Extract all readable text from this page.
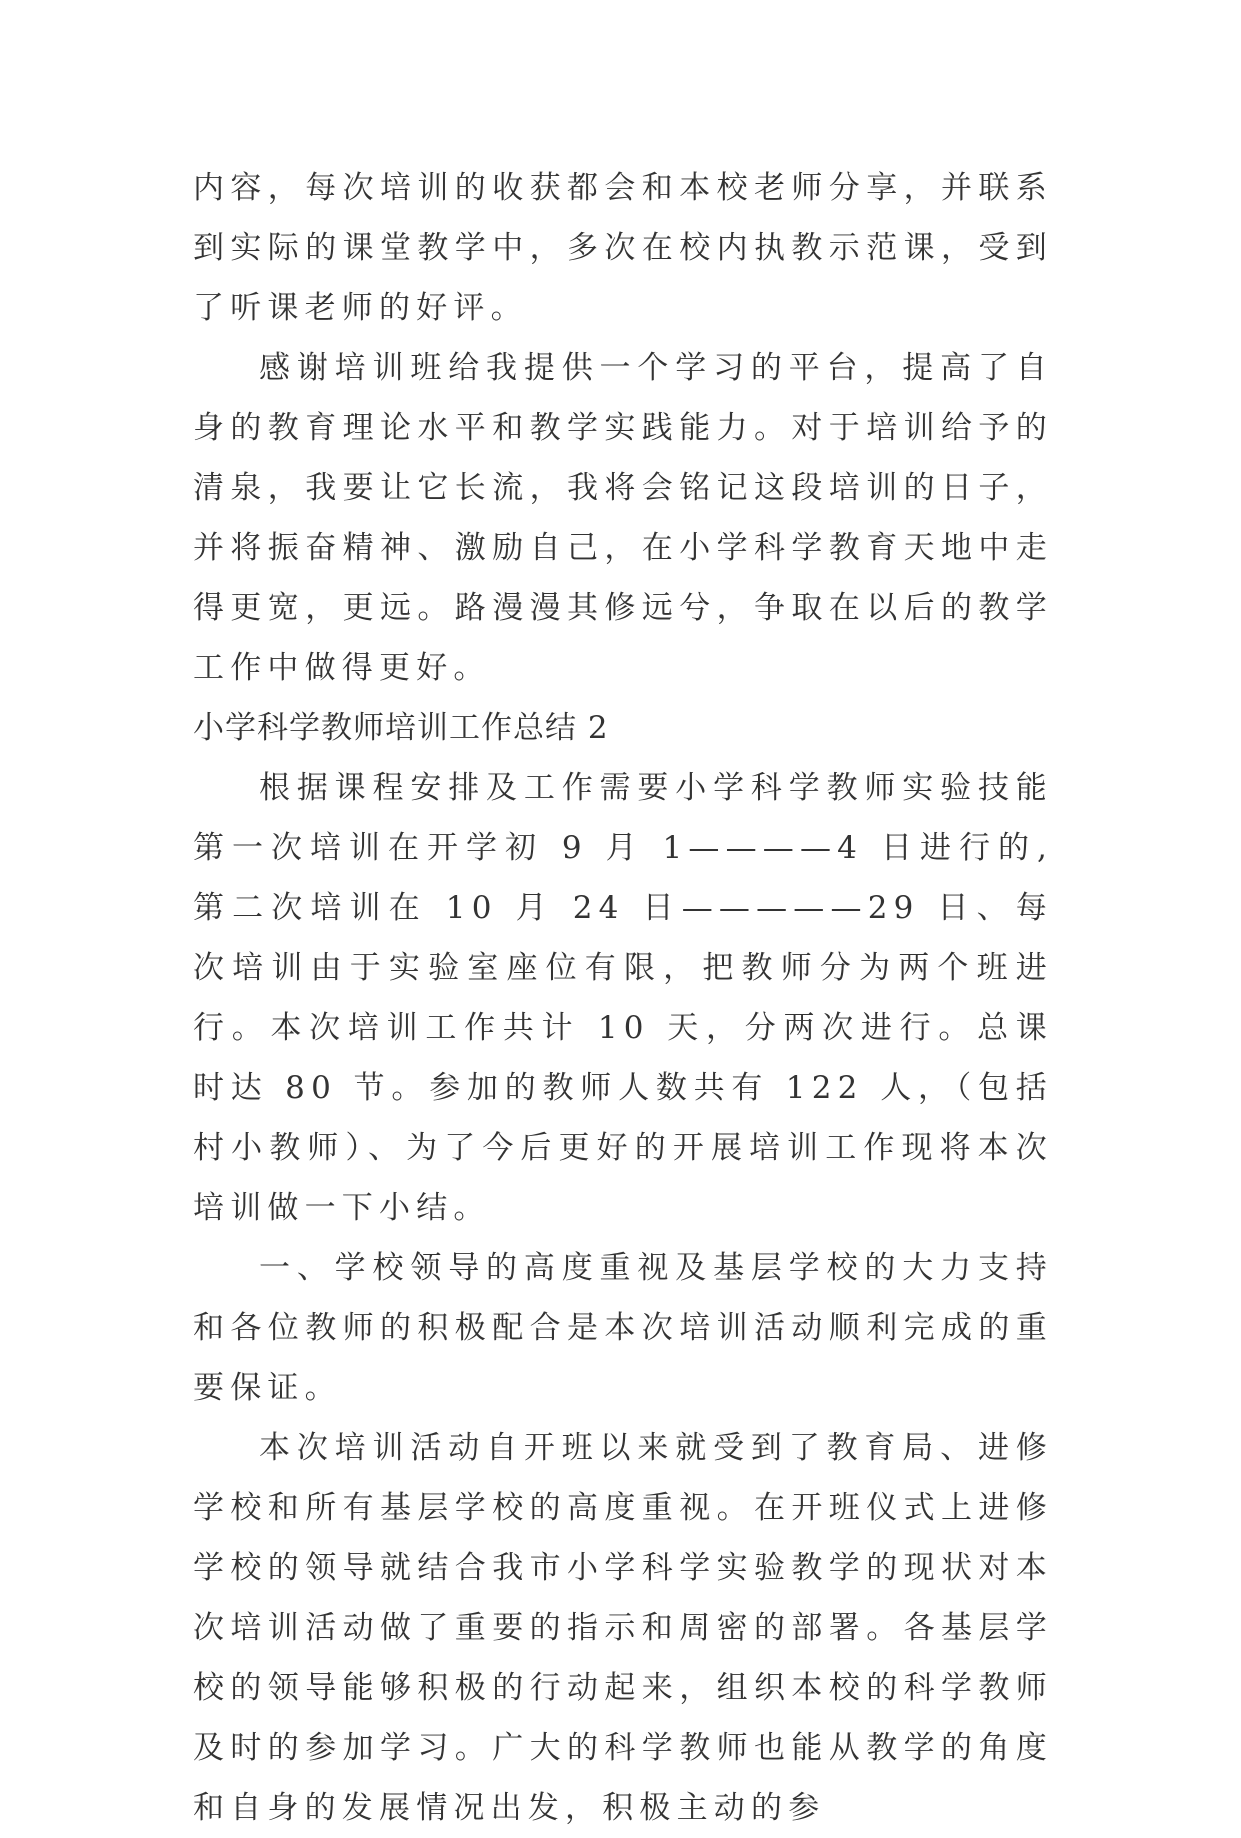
内容，每次培训的收获都会和本校老师分享，并联系到实际的课堂教学中，多次在校内执教示范课，受到了听课老师的好评。

感谢培训班给我提供一个学习的平台，提高了自身的教育理论水平和教学实践能力。对于培训给予的清泉，我要让它长流，我将会铭记这段培训的日子，并将振奋精神、激励自己，在小学科学教育天地中走得更宽，更远。路漫漫其修远兮，争取在以后的教学工作中做得更好。

小学科学教师培训工作总结 2

根据课程安排及工作需要小学科学教师实验技能第一次培训在开学初 9 月 1————4 日进行的,第二次培训在 10 月 24 日—————29 日、每次培训由于实验室座位有限，把教师分为两个班进行。本次培训工作共计 10 天，分两次进行。总课时达 80 节。参加的教师人数共有 122 人，（包括村小教师）、为了今后更好的开展培训工作现将本次培训做一下小结。

一、学校领导的高度重视及基层学校的大力支持和各位教师的积极配合是本次培训活动顺利完成的重要保证。

本次培训活动自开班以来就受到了教育局、进修学校和所有基层学校的高度重视。在开班仪式上进修学校的领导就结合我市小学科学实验教学的现状对本次培训活动做了重要的指示和周密的部署。各基层学校的领导能够积极的行动起来，组织本校的科学教师及时的参加学习。广大的科学教师也能从教学的角度和自身的发展情况出发，积极主动的参
